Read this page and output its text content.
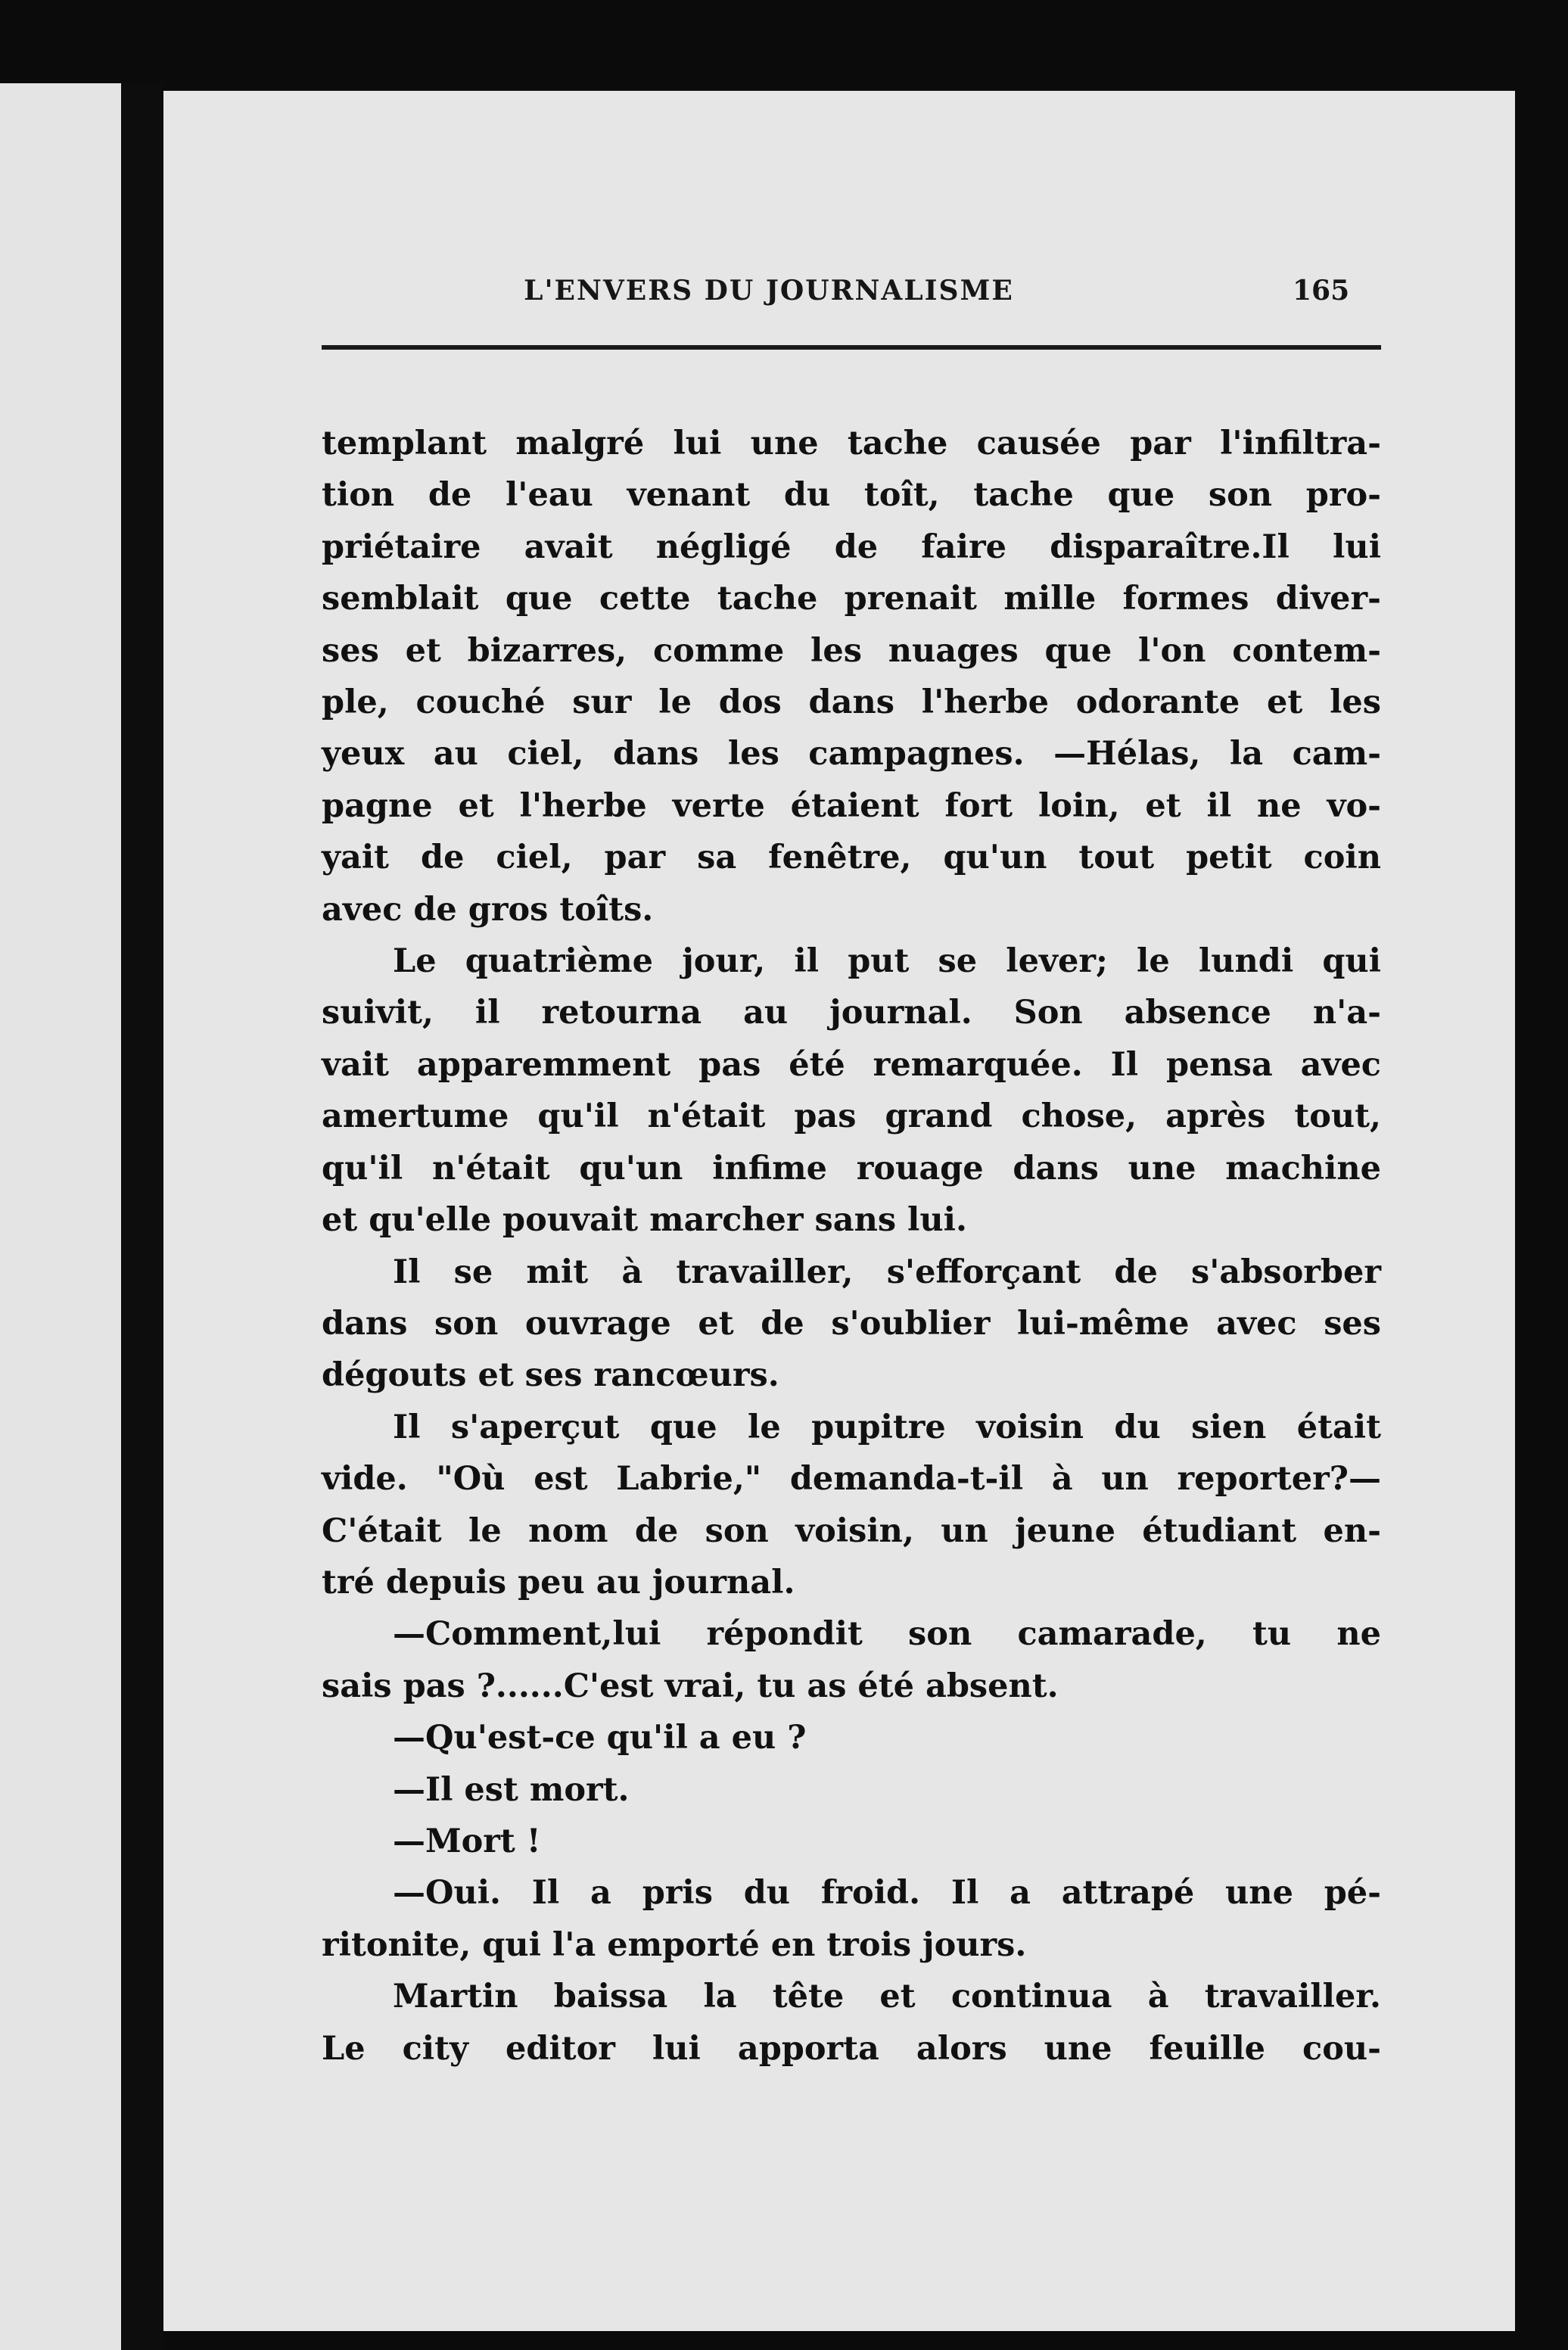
L'ENVERS DU JOURNALISME	165
templant malgré lui une tache causée par l'infiltra-
tion de l'eau venant du toît, tache que son pro-
priétaire avait négligé de faire disparaître.Il lui
semblait que cette tache prenait mille formes diver-
ses et bizarres, comme les nuages que l'on contem-
ple, couché sur le dos dans l'herbe odorante et les
yeux au ciel, dans les campagnes. —Hélas, la cam-
pagne et l'herbe verte étaient fort loin, et il ne vo-
yait de ciel, par sa fenêtre, qu'un tout petit coin
avec de gros toîts.
Le quatrième jour, il put se lever; le lundi qui
suivit, il retourna au journal. Son absence n'a-
vait apparemment pas été remarquée. Il pensa avec
amertume qu'il n'était pas grand chose, après tout,
qu'il n'était qu'un infime rouage dans une machine
et qu'elle pouvait marcher sans lui.
Il se mit à travailler, s'efforçant de s'absorber
dans son ouvrage et de s'oublier lui-même avec ses
dégouts et ses rancœurs.
Il s'aperçut que le pupitre voisin du sien était
vide. "Où est Labrie," demanda-t-il à un reporter?—
C'était le nom de son voisin, un jeune étudiant en-
tré depuis peu au journal.
—Comment,lui répondit son camarade, tu ne
sais pas ?......C'est vrai, tu as été absent.
—Qu'est-ce qu'il a eu ?
—Il est mort.
—Mort !
—Oui. Il a pris du froid. Il a attrapé une pé-
ritonite, qui l'a emporté en trois jours.
Martin baissa la tête et continua à travailler.
Le city editor lui apporta alors une feuille cou-
